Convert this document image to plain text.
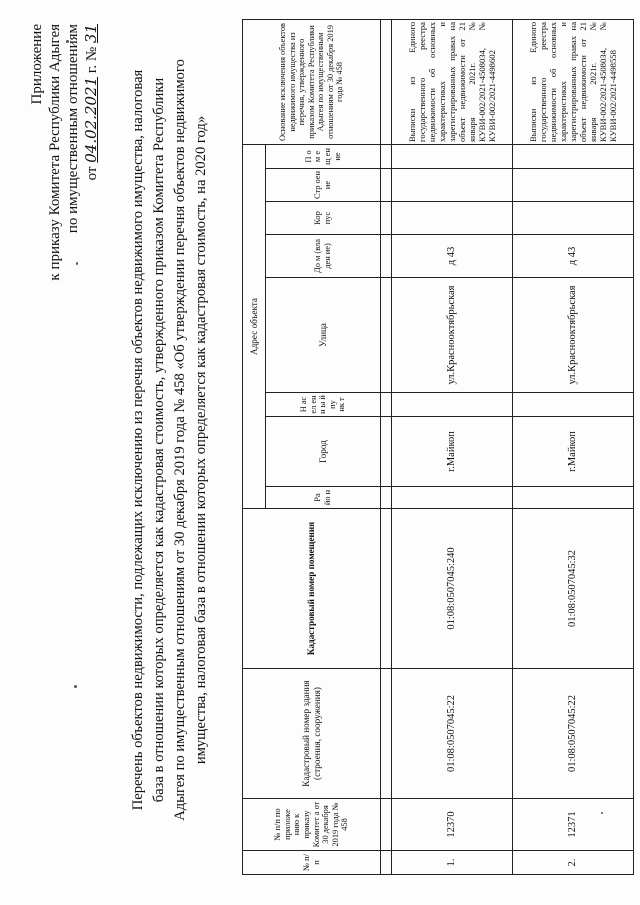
Приложение к приказу Комитета Республики Адыгея по имущественным отношениям от 04.02.2021 г. № 31
Перечень объектов недвижимости, подлежащих исключению из перечня объектов недвижимого имущества, налоговая база в отношении которых определяется как кадастровая стоимость, утвержденного приказом Комитета Республики Адыгея по имущественным отношениям от 30 декабря 2019 года № 458 «Об утверждении перечня объектов недвижимого имущества, налоговая база в отношении которых определяется как кадастровая стоимость, на 2020 год»
№ п/п	№ п/п по приложе нию к приказу Комитет а от 30 декабря 2019 года № 458	Кадастровый номер здания (строения, сооружения)	Кадастровый номер помещения	Адрес объекта								Основание исключения объектов недвижимого имущества из перечня, утвержденного приказом Комитета Республики Адыгея по имущественным отношениям от 30 декабря 2019 года № 458
				Ра йо н	Город	Н ас ел ен н ы й пу нк т	Улица	До м (вла ден ие)	Кор пус	Стр оен ие	П о м е щ ен ие	

1.	12370	01:08:0507045:22	01:08:0507045:240		г.Майкоп		ул.Краснооктябрьская	д 43				Выписки из Единого государственного реестра недвижимости об основных характеристиках и зарегистрированных правах на объект недвижимости от 21 января 2021г. № КУВИ-002/2021-4508034, № КУВИ-002/2021-4498602
2.	12371	01:08:0507045:22	01:08:0507045:32		г.Майкоп		ул.Краснооктябрьская	д 43				Выписки из Единого государственного реестра недвижимости об основных характеристиках и зарегистрированных правах на объект недвижимости от 21 января 2021г. № КУВИ-002/2021-4508034, № КУВИ-002/2021-4498558
